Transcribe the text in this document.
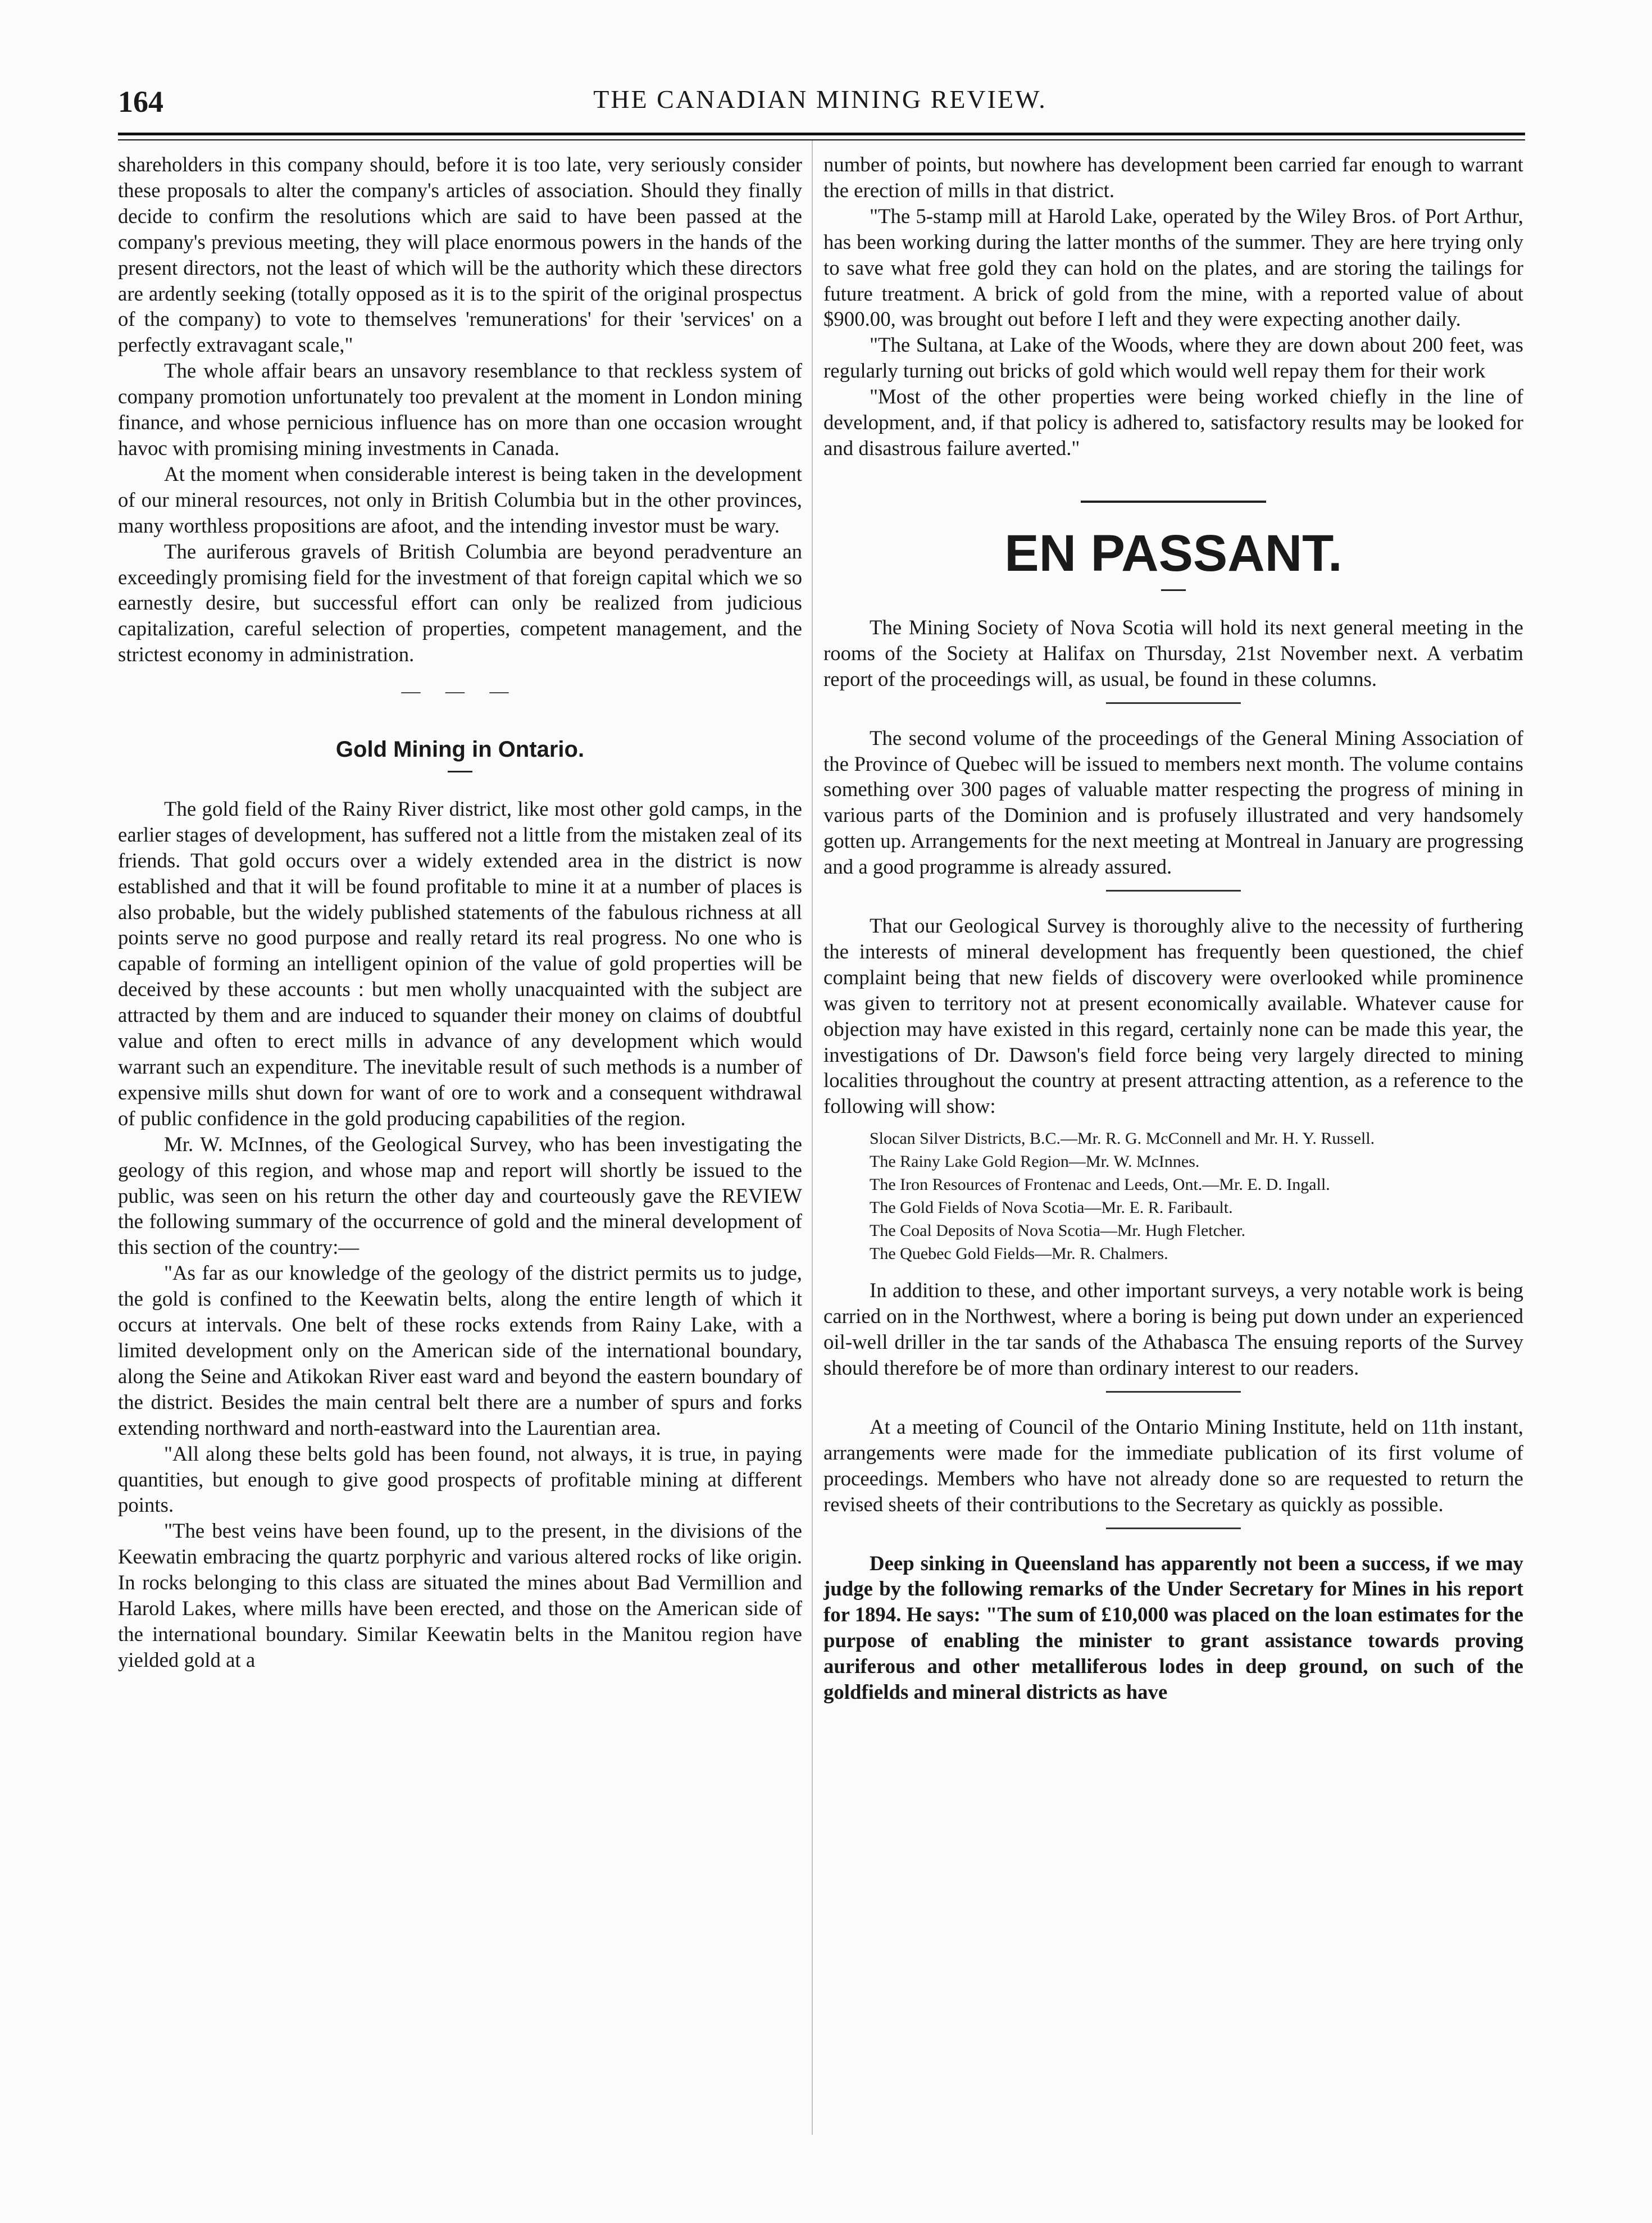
164	THE CANADIAN MINING REVIEW.

shareholders in this company should, before it is too late, very seriously consider these proposals to alter the company's articles of association. Should they finally decide to confirm the resolutions which are said to have been passed at the company's previous meeting, they will place enormous powers in the hands of the present directors, not the least of which will be the authority which these directors are ardently seeking (totally opposed as it is to the spirit of the original prospectus of the company) to vote to themselves 'remunerations' for their 'services' on a perfectly extravagant scale,"

The whole affair bears an unsavory resemblance to that reckless system of company promotion unfortunately too prevalent at the moment in London mining finance, and whose pernicious influence has on more than one occasion wrought havoc with promising mining investments in Canada.

At the moment when considerable interest is being taken in the development of our mineral resources, not only in British Columbia but in the other provinces, many worthless propositions are afoot, and the intending investor must be wary.

The auriferous gravels of British Columbia are beyond peradventure an exceedingly promising field for the investment of that foreign capital which we so earnestly desire, but successful effort can only be realized from judicious capitalization, careful selection of properties, competent management, and the strictest economy in administration.

— — —
Gold Mining in Ontario.

The gold field of the Rainy River district, like most other gold camps, in the earlier stages of development, has suffered not a little from the mistaken zeal of its friends. That gold occurs over a widely extended area in the district is now established and that it will be found profitable to mine it at a number of places is also probable, but the widely published statements of the fabulous richness at all points serve no good purpose and really retard its real progress. No one who is capable of forming an intelligent opinion of the value of gold properties will be deceived by these accounts : but men wholly unacquainted with the subject are attracted by them and are induced to squander their money on claims of doubtful value and often to erect mills in advance of any development which would warrant such an expenditure. The inevitable result of such methods is a number of expensive mills shut down for want of ore to work and a consequent withdrawal of public confidence in the gold producing capabilities of the region.

Mr. W. McInnes, of the Geological Survey, who has been investigating the geology of this region, and whose map and report will shortly be issued to the public, was seen on his return the other day and courteously gave the REVIEW the following summary of the occurrence of gold and the mineral development of this section of the country:—

"As far as our knowledge of the geology of the district permits us to judge, the gold is confined to the Keewatin belts, along the entire length of which it occurs at intervals. One belt of these rocks extends from Rainy Lake, with a limited development only on the American side of the international boundary, along the Seine and Atikokan River east ward and beyond the eastern boundary of the district. Besides the main central belt there are a number of spurs and forks extending northward and north-eastward into the Laurentian area.

"All along these belts gold has been found, not always, it is true, in paying quantities, but enough to give good prospects of profitable mining at different points.

"The best veins have been found, up to the present, in the divisions of the Keewatin embracing the quartz porphyric and various altered rocks of like origin. In rocks belonging to this class are situated the mines about Bad Vermillion and Harold Lakes, where mills have been erected, and those on the American side of the international boundary. Similar Keewatin belts in the Manitou region have yielded gold at a

number of points, but nowhere has development been carried far enough to warrant the erection of mills in that district.

"The 5-stamp mill at Harold Lake, operated by the Wiley Bros. of Port Arthur, has been working during the latter months of the summer. They are here trying only to save what free gold they can hold on the plates, and are storing the tailings for future treatment. A brick of gold from the mine, with a reported value of about $900.00, was brought out before I left and they were expecting another daily.

"The Sultana, at Lake of the Woods, where they are down about 200 feet, was regularly turning out bricks of gold which would well repay them for their work

"Most of the other properties were being worked chiefly in the line of development, and, if that policy is adhered to, satisfactory results may be looked for and disastrous failure averted."

EN PASSANT.

The Mining Society of Nova Scotia will hold its next general meeting in the rooms of the Society at Halifax on Thursday, 21st November next. A verbatim report of the proceedings will, as usual, be found in these columns.

The second volume of the proceedings of the General Mining Association of the Province of Quebec will be issued to members next month. The volume contains something over 300 pages of valuable matter respecting the progress of mining in various parts of the Dominion and is profusely illustrated and very handsomely gotten up. Arrangements for the next meeting at Montreal in January are progressing and a good programme is already assured.

That our Geological Survey is thoroughly alive to the necessity of furthering the interests of mineral development has frequently been questioned, the chief complaint being that new fields of discovery were overlooked while prominence was given to territory not at present economically available. Whatever cause for objection may have existed in this regard, certainly none can be made this year, the investigations of Dr. Dawson's field force being very largely directed to mining localities throughout the country at present attracting attention, as a reference to the following will show:

Slocan Silver Districts, B.C.—Mr. R. G. McConnell and Mr. H. Y. Russell.
The Rainy Lake Gold Region—Mr. W. McInnes.
The Iron Resources of Frontenac and Leeds, Ont.—Mr. E. D. Ingall.
The Gold Fields of Nova Scotia—Mr. E. R. Faribault.
The Coal Deposits of Nova Scotia—Mr. Hugh Fletcher.
The Quebec Gold Fields—Mr. R. Chalmers.

In addition to these, and other important surveys, a very notable work is being carried on in the Northwest, where a boring is being put down under an experienced oil-well driller in the tar sands of the Athabasca The ensuing reports of the Survey should therefore be of more than ordinary interest to our readers.

At a meeting of Council of the Ontario Mining Institute, held on 11th instant, arrangements were made for the immediate publication of its first volume of proceedings. Members who have not already done so are requested to return the revised sheets of their contributions to the Secretary as quickly as possible.

Deep sinking in Queensland has apparently not been a success, if we may judge by the following remarks of the Under Secretary for Mines in his report for 1894. He says: "The sum of £10,000 was placed on the loan estimates for the purpose of enabling the minister to grant assistance towards proving auriferous and other metalliferous lodes in deep ground, on such of the goldfields and mineral districts as have
